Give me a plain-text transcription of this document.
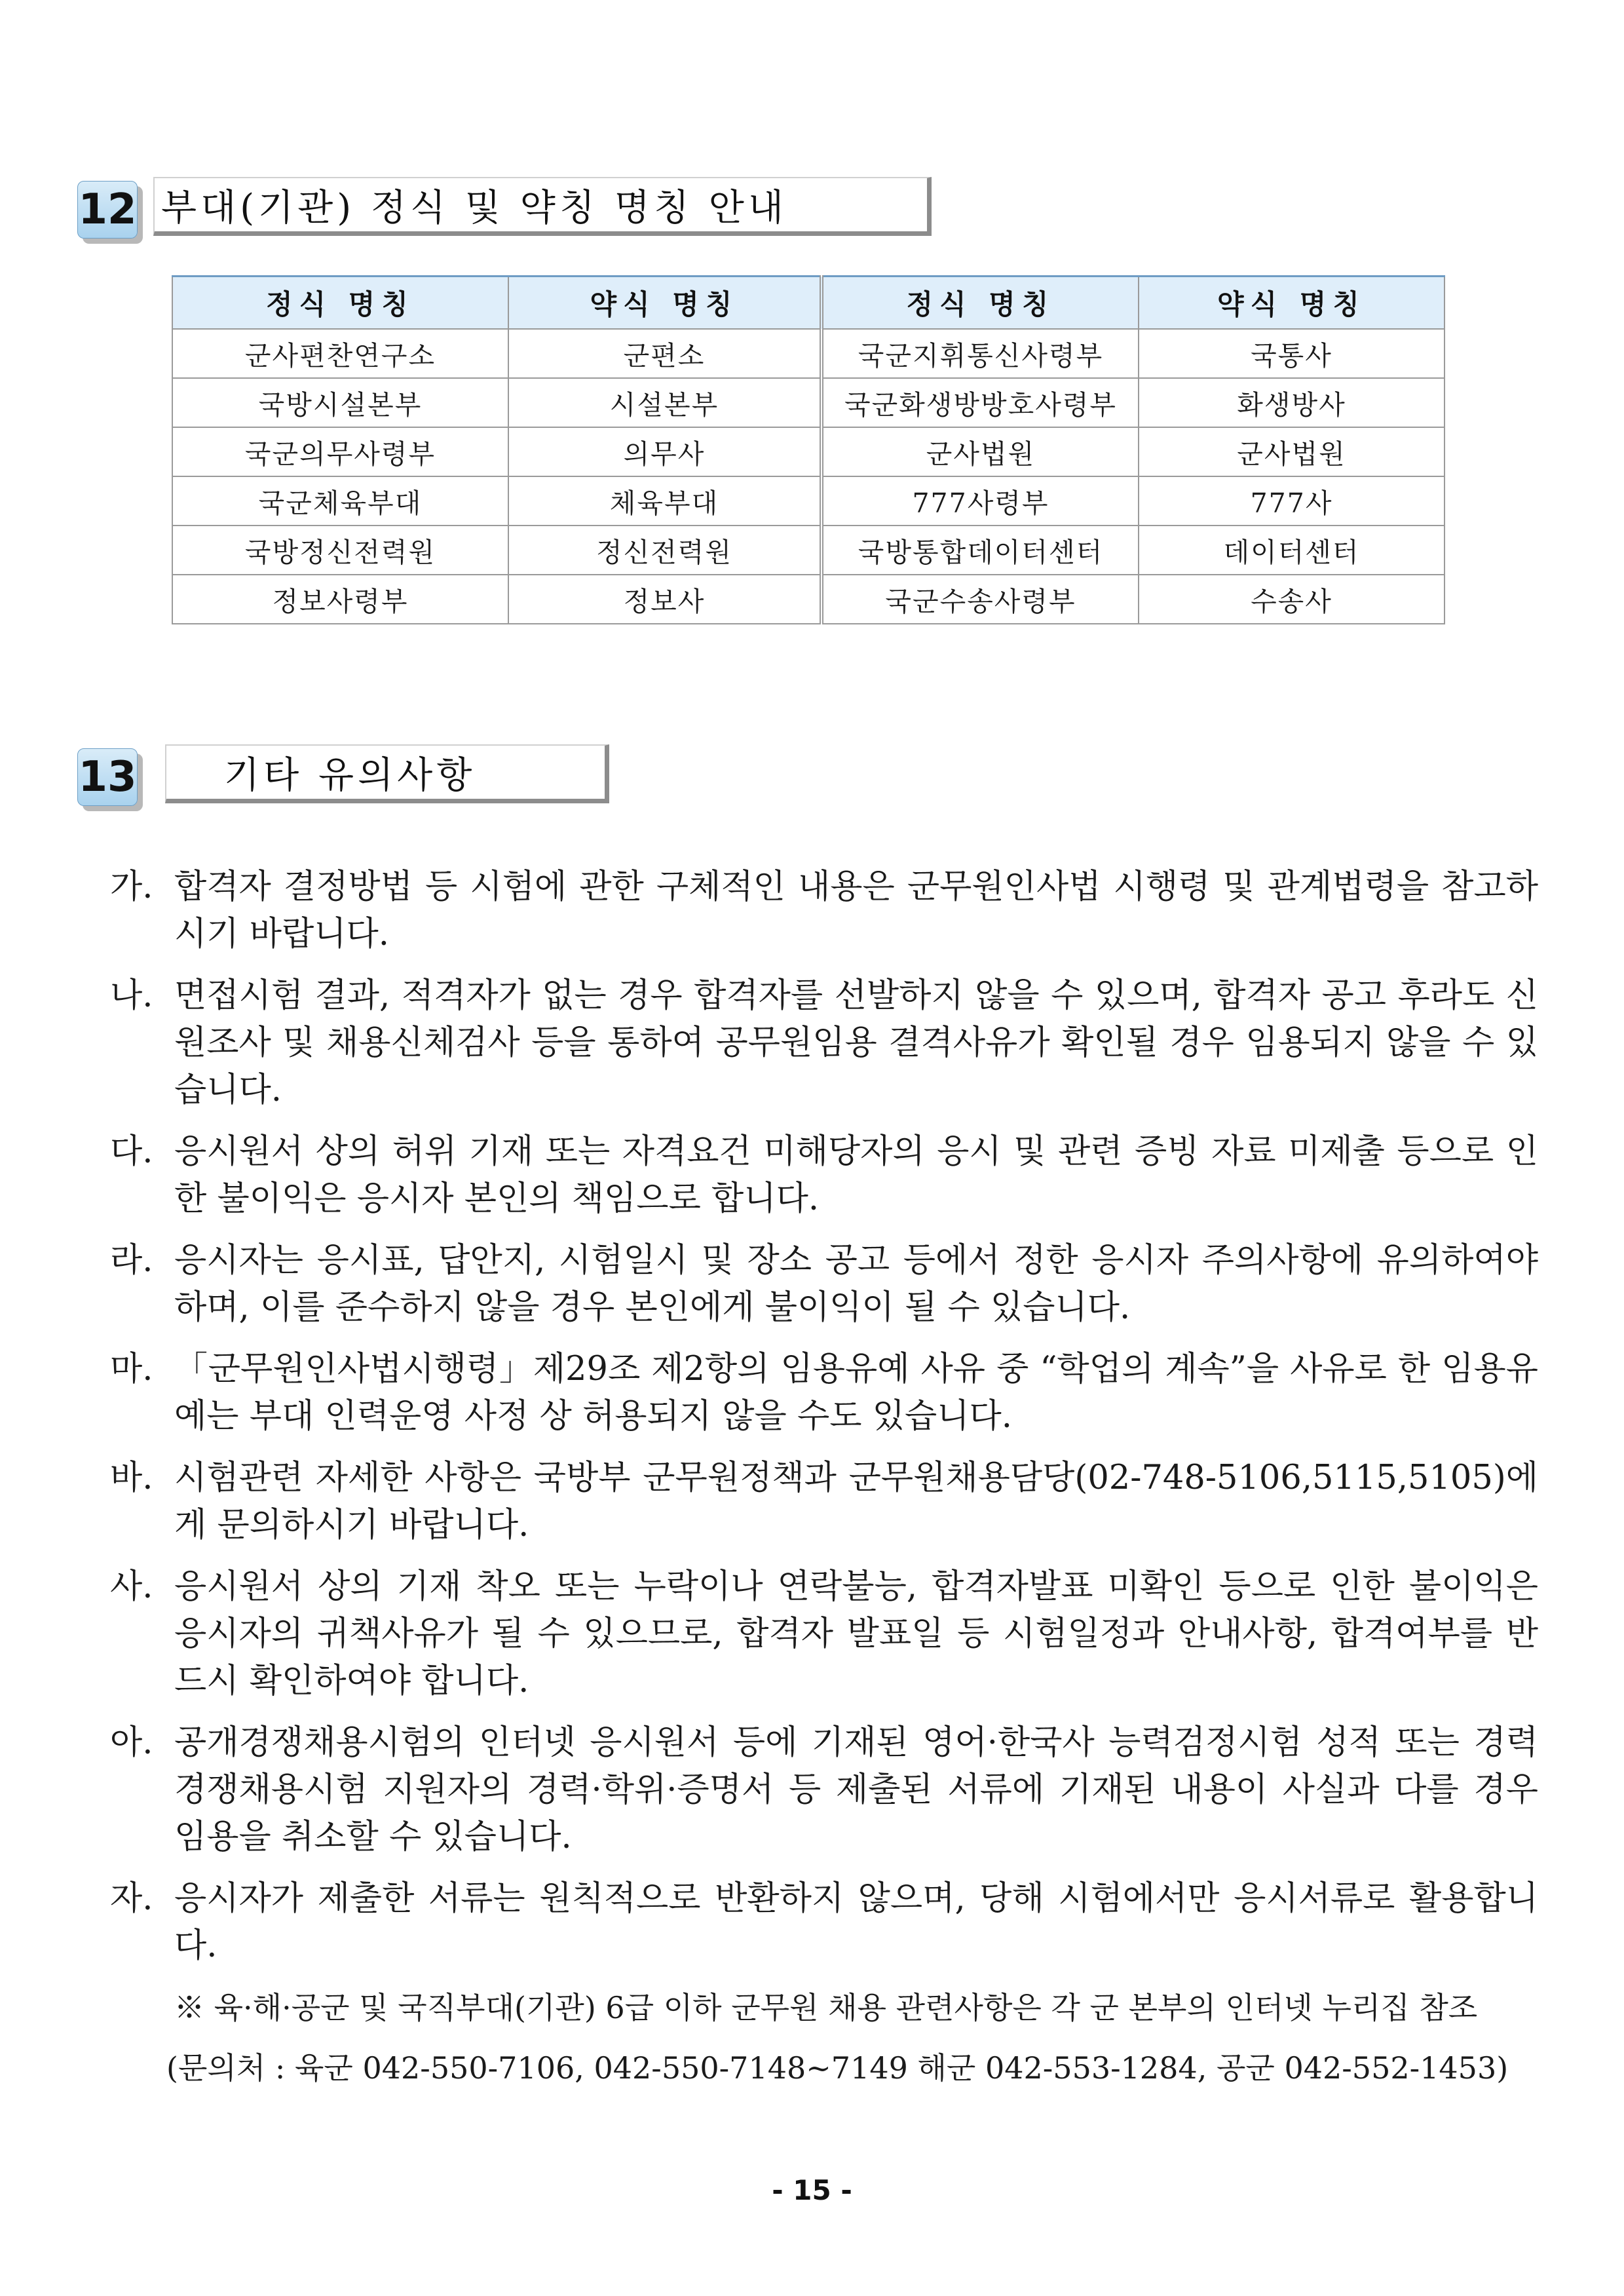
12 부대(기관) 정식 및 약칭 명칭 안내
정식 명칭	약식 명칭	정식 명칭	약식 명칭
군사편찬연구소	군편소	국군지휘통신사령부	국통사
국방시설본부	시설본부	국군화생방방호사령부	화생방사
국군의무사령부	의무사	군사법원	군사법원
국군체육부대	체육부대	777사령부	777사
국방정신전력원	정신전력원	국방통합데이터센터	데이터센터
정보사령부	정보사	국군수송사령부	수송사
13	기타 유의사항
가. 합격자 결정방법 등 시험에 관한 구체적인 내용은 군무원인사법 시행령 및 관계법령을 참고하시기 바랍니다.
나. 면접시험 결과, 적격자가 없는 경우 합격자를 선발하지 않을 수 있으며, 합격자 공고 후라도 신원조사 및 채용신체검사 등을 통하여 공무원임용 결격사유가 확인될 경우 임용되지 않을 수 있습니다.
다. 응시원서 상의 허위 기재 또는 자격요건 미해당자의 응시 및 관련 증빙 자료 미제출 등으로 인한 불이익은 응시자 본인의 책임으로 합니다.
라. 응시자는 응시표, 답안지, 시험일시 및 장소 공고 등에서 정한 응시자 주의사항에 유의하여야 하며, 이를 준수하지 않을 경우 본인에게 불이익이 될 수 있습니다.
마. 「군무원인사법시행령」제29조 제2항의 임용유예 사유 중 “학업의 계속”을 사유로 한 임용유예는 부대 인력운영 사정 상 허용되지 않을 수도 있습니다.
바. 시험관련 자세한 사항은 국방부 군무원정책과 군무원채용담당(02-748-5106,5115,5105)에게 문의하시기 바랍니다.
사. 응시원서 상의 기재 착오 또는 누락이나 연락불능, 합격자발표 미확인 등으로 인한 불이익은 응시자의 귀책사유가 될 수 있으므로, 합격자 발표일 등 시험일정과 안내사항, 합격여부를 반드시 확인하여야 합니다.
아. 공개경쟁채용시험의 인터넷 응시원서 등에 기재된 영어·한국사 능력검정시험 성적 또는 경력경쟁채용시험 지원자의 경력·학위·증명서 등 제출된 서류에 기재된 내용이 사실과 다를 경우 임용을 취소할 수 있습니다.
자. 응시자가 제출한 서류는 원칙적으로 반환하지 않으며, 당해 시험에서만 응시서류로 활용합니다.
※ 육·해·공군 및 국직부대(기관) 6급 이하 군무원 채용 관련사항은 각 군 본부의 인터넷 누리집 참조
(문의처 : 육군 042-550-7106, 042-550-7148~7149 해군 042-553-1284, 공군 042-552-1453)
- 15 -
